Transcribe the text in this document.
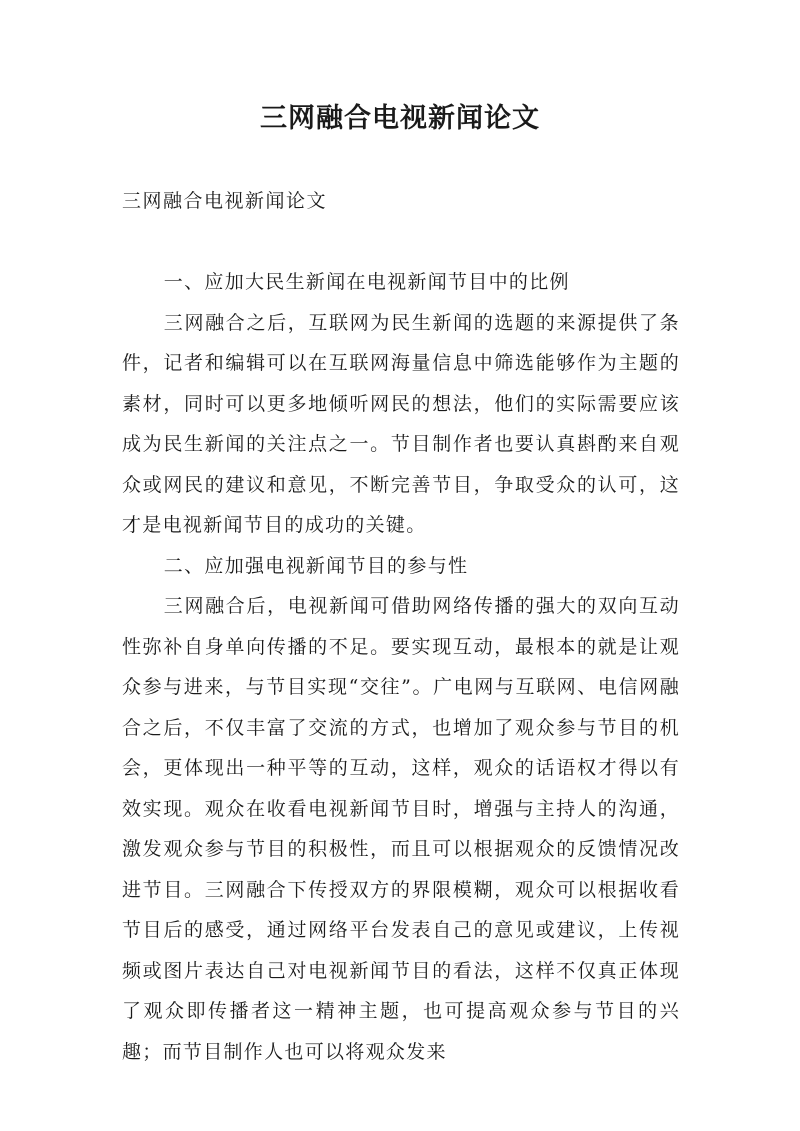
三网融合电视新闻论文

三网融合电视新闻论文

一、应加大民生新闻在电视新闻节目中的比例

三网融合之后，互联网为民生新闻的选题的来源提供了条件，记者和编辑可以在互联网海量信息中筛选能够作为主题的素材，同时可以更多地倾听网民的想法，他们的实际需要应该成为民生新闻的关注点之一。节目制作者也要认真斟酌来自观众或网民的建议和意见，不断完善节目，争取受众的认可，这才是电视新闻节目的成功的关键。

二、应加强电视新闻节目的参与性

三网融合后，电视新闻可借助网络传播的强大的双向互动性弥补自身单向传播的不足。要实现互动，最根本的就是让观众参与进来，与节目实现“交往”。广电网与互联网、电信网融合之后，不仅丰富了交流的方式，也增加了观众参与节目的机会，更体现出一种平等的互动，这样，观众的话语权才得以有效实现。观众在收看电视新闻节目时，增强与主持人的沟通，激发观众参与节目的积极性，而且可以根据观众的反馈情况改进节目。三网融合下传授双方的界限模糊，观众可以根据收看节目后的感受，通过网络平台发表自己的意见或建议，上传视频或图片表达自己对电视新闻节目的看法，这样不仅真正体现了观众即传播者这一精神主题，也可提高观众参与节目的兴趣；而节目制作人也可以将观众发来
